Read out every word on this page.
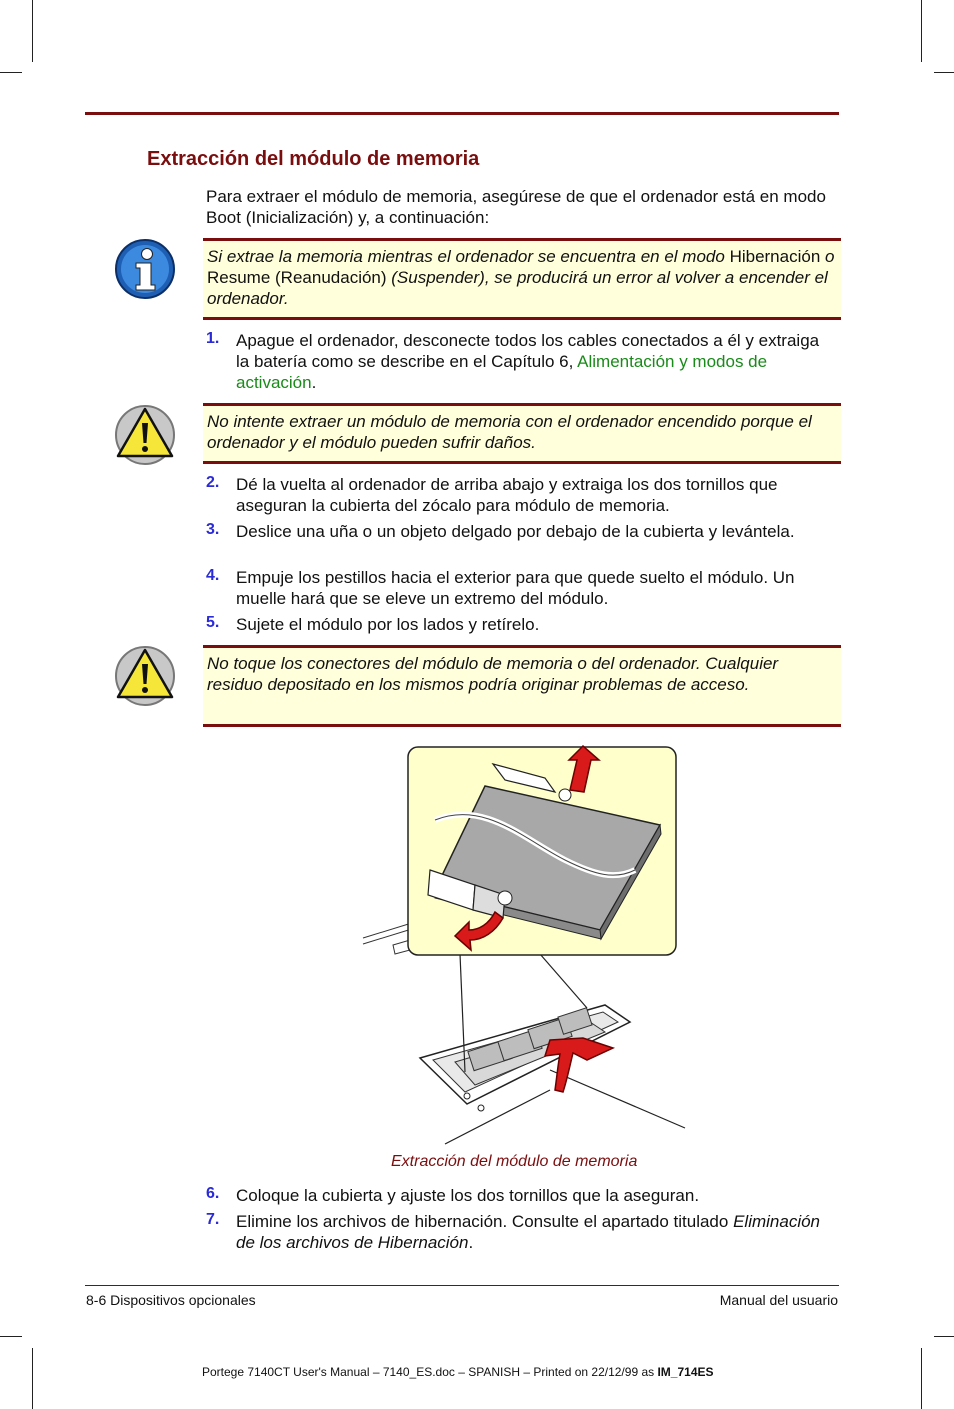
Extracción del módulo de memoria

Para extraer el módulo de memoria, asegúrese de que el ordenador está en modo Boot (Inicialización) y, a continuación:

Si extrae la memoria mientras el ordenador se encuentra en el modo Hibernación o Resume (Reanudación) (Suspender), se producirá un error al volver a encender el ordenador.
1. Apague el ordenador, desconecte todos los cables conectados a él y extraiga la batería como se describe en el Capítulo 6, Alimentación y modos de activación.
No intente extraer un módulo de memoria con el ordenador encendido porque el ordenador y el módulo pueden sufrir daños.
2. Dé la vuelta al ordenador de arriba abajo y extraiga los dos tornillos que aseguran la cubierta del zócalo para módulo de memoria.
3. Deslice una uña o un objeto delgado por debajo de la cubierta y levántela.
4. Empuje los pestillos hacia el exterior para que quede suelto el módulo. Un muelle hará que se eleve un extremo del módulo.
5. Sujete el módulo por los lados y retírelo.
No toque los conectores del módulo de memoria o del ordenador. Cualquier residuo depositado en los mismos podría originar problemas de acceso.
Extracción del módulo de memoria
6. Coloque la cubierta y ajuste los dos tornillos que la aseguran.
7. Elimine los archivos de hibernación. Consulte el apartado titulado Eliminación de los archivos de Hibernación.
8-6 Dispositivos opcionales	Manual del usuario
Portege 7140CT User's Manual – 7140_ES.doc – SPANISH – Printed on 22/12/99 as IM_714ES
